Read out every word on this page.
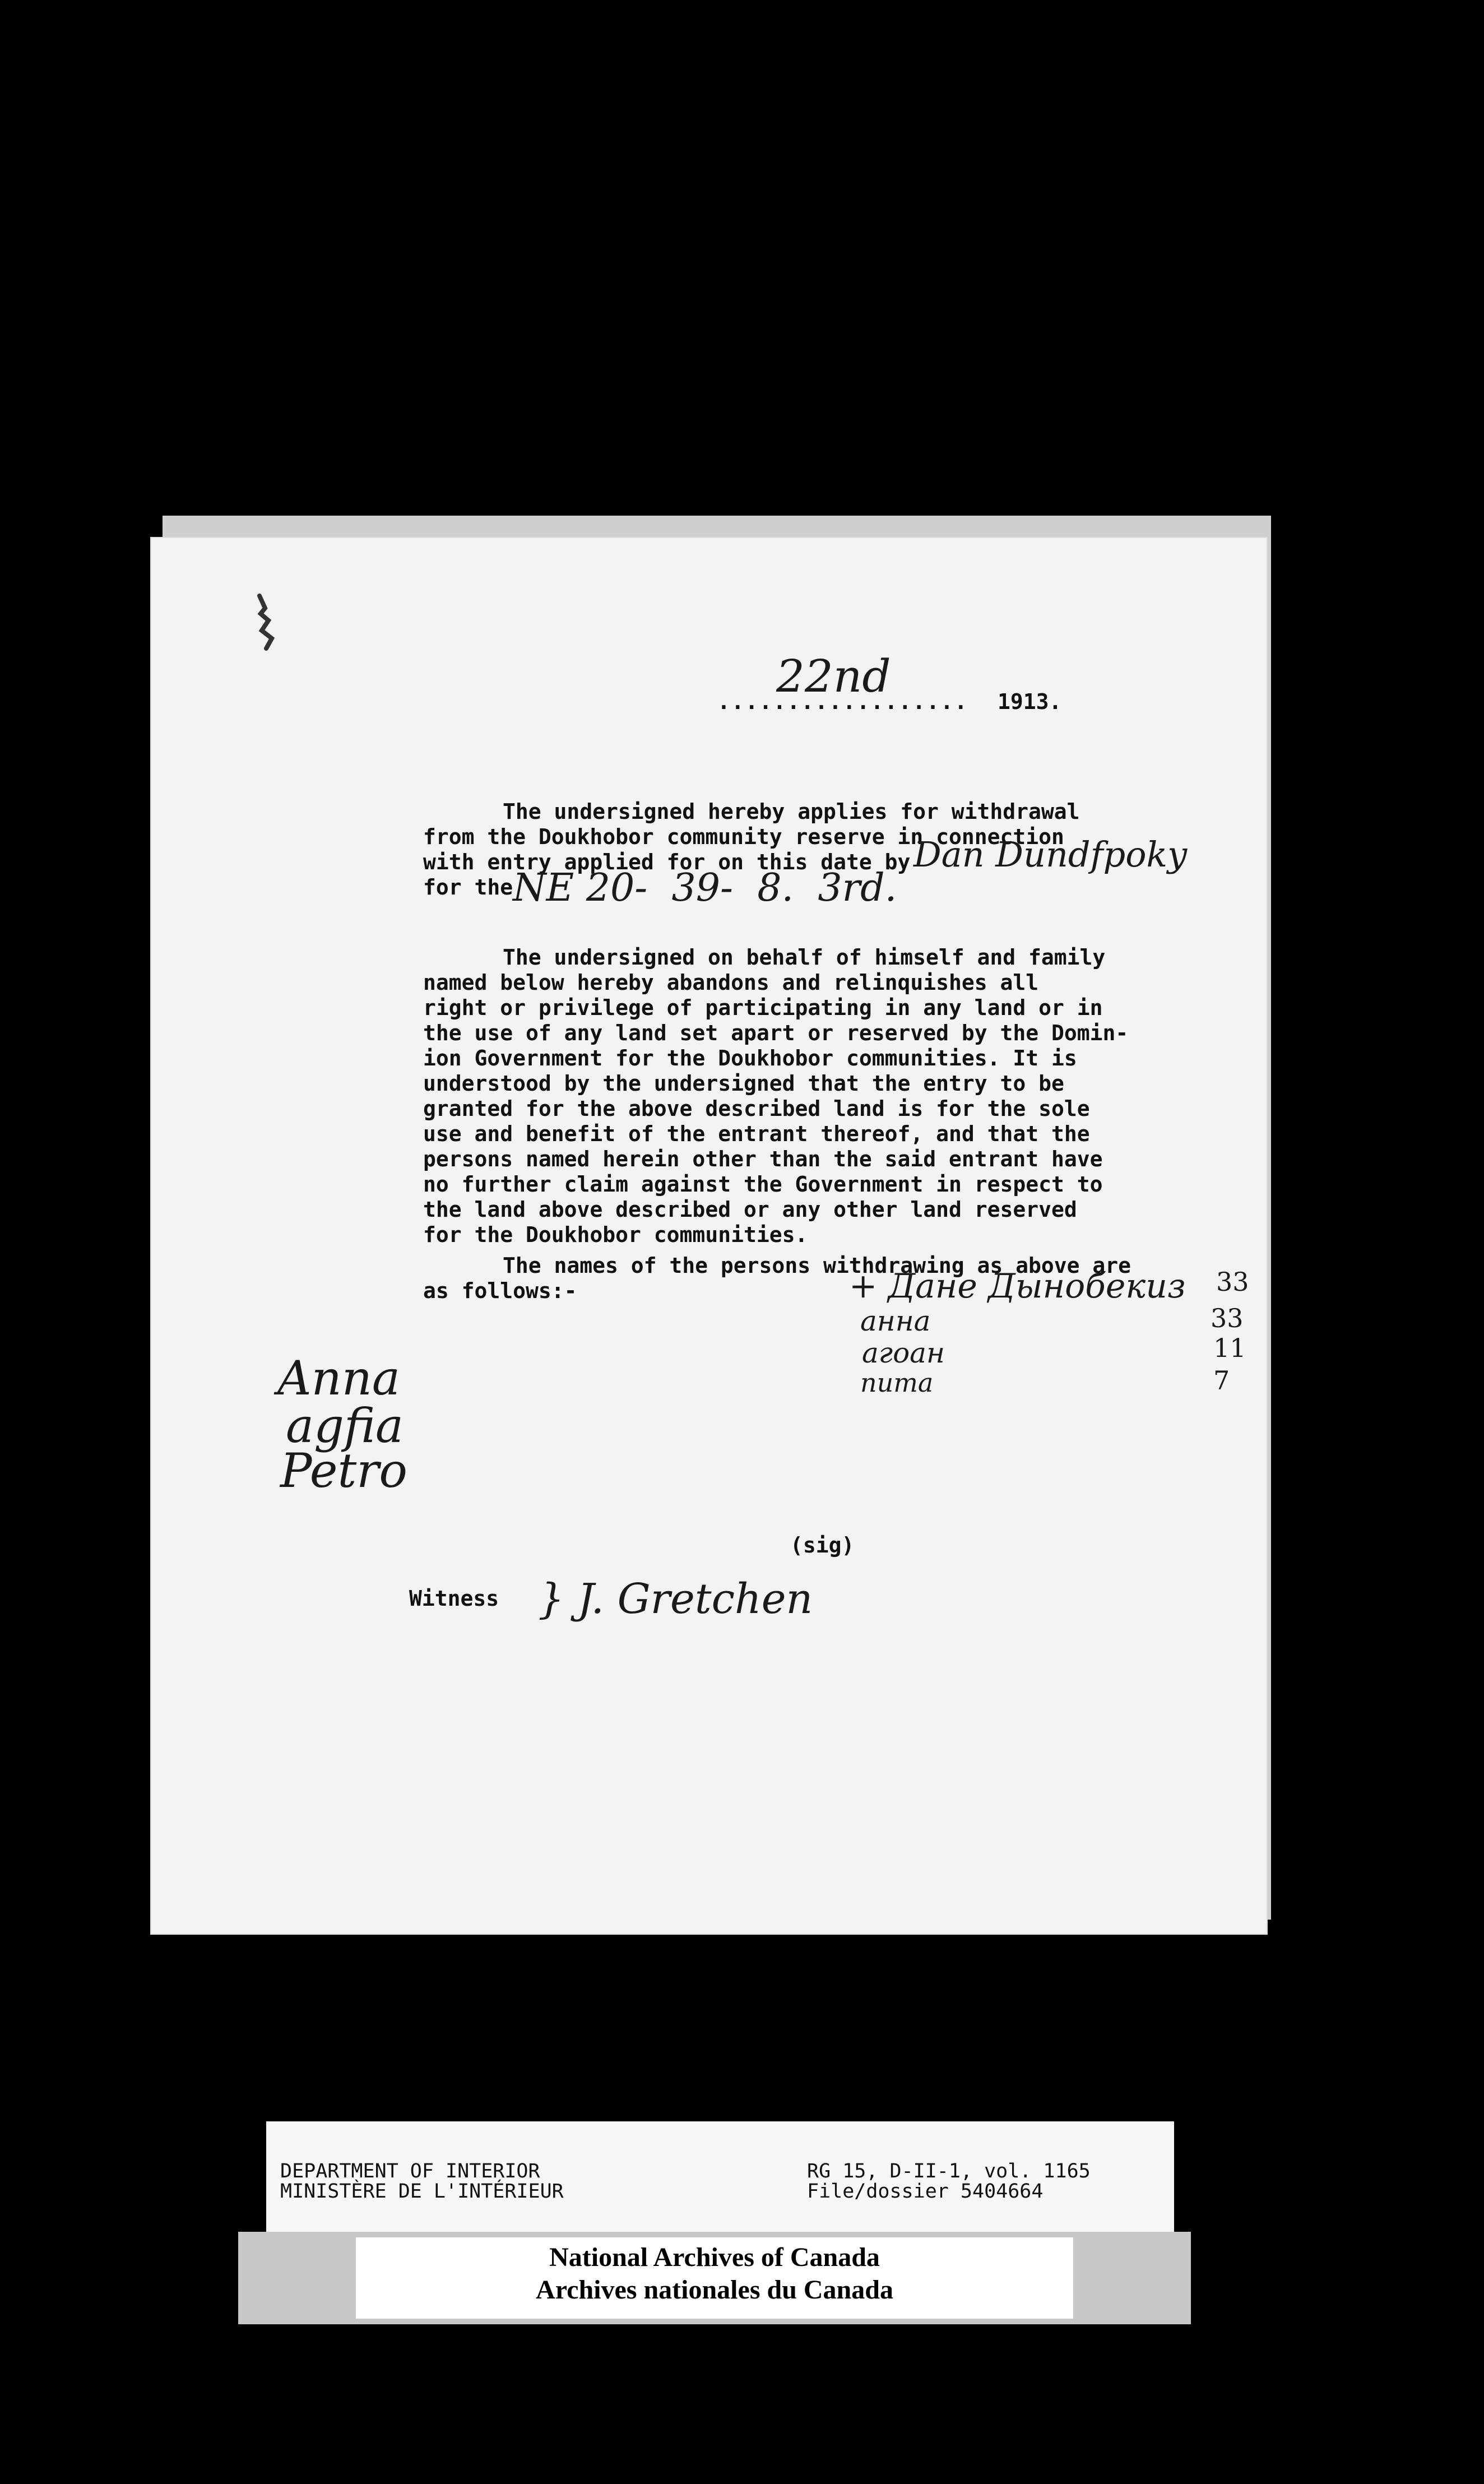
..................
22nd	1913.
The undersigned hereby applies for withdrawal
from the Doukhobor community reserve in connection
with entry applied for on this date by
for the
Dan Dundfpoky
NE 20-  39-  8.  3rd.
The undersigned on behalf of himself and family
named below hereby abandons and relinquishes all
right or privilege of participating in any land or in
the use of any land set apart or reserved by the Domin-
ion Government for the Doukhobor communities. It is
understood by the undersigned that the entry to be
granted for the above described land is for the sole
use and benefit of the entrant thereof, and that the
persons named herein other than the said entrant have
no further claim against the Government in respect to
the land above described or any other land reserved
for the Doukhobor communities.
The names of the persons withdrawing as above are
as follows:-	+ Дане Дынобекиз 33
анна	33
агоан	11
пита	7
Anna
agfia
Petro
(sig)
Witness } J. Gretchen
DEPARTMENT OF INTERIOR
MINISTÈRE DE L'INTÉRIEUR
RG 15, D-II-1, vol. 1165
File/dossier 5404664
National Archives of Canada
Archives nationales du Canada
